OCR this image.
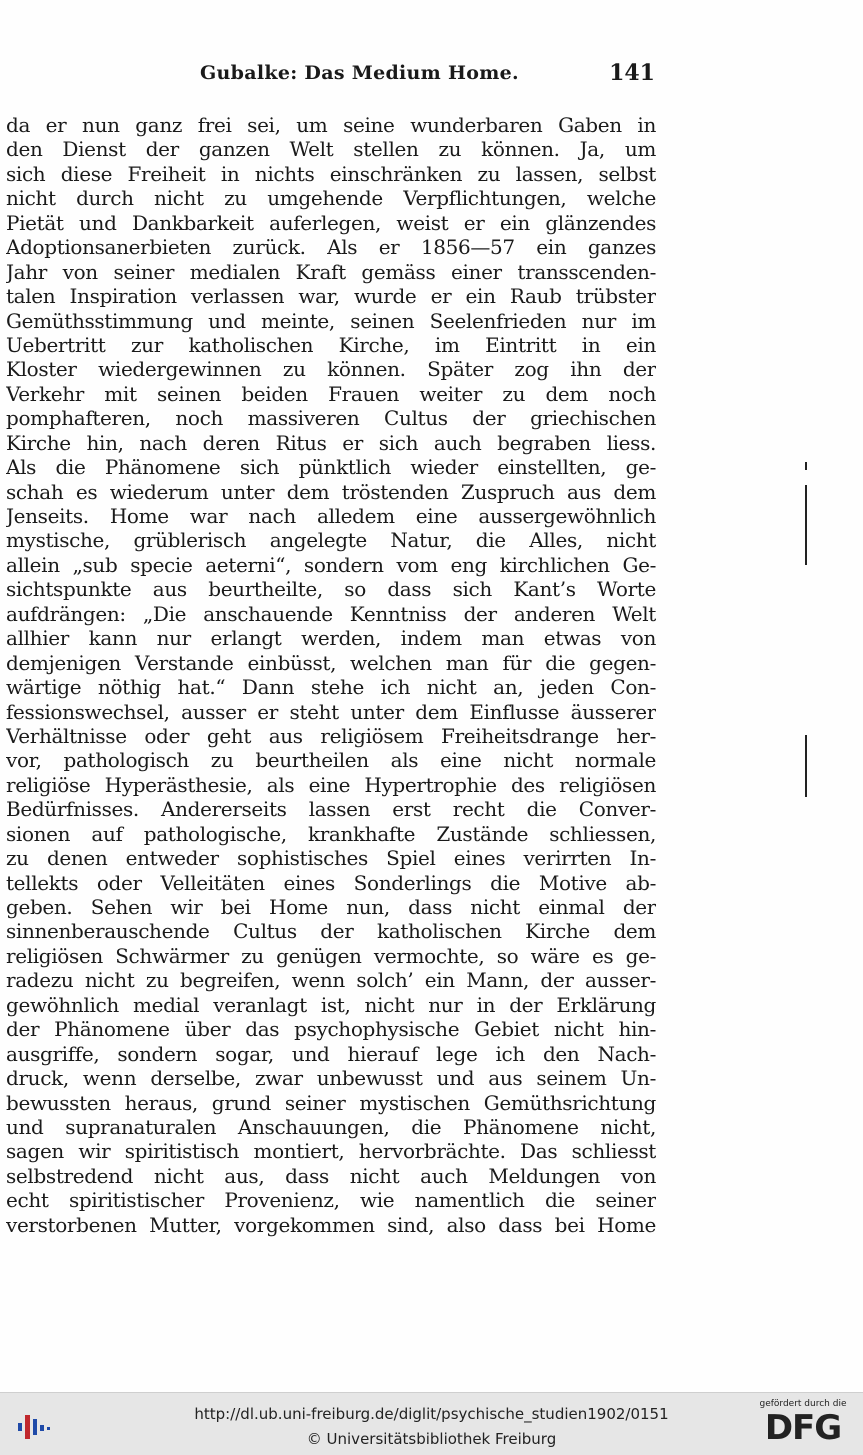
Gubalke: Das Medium Home.	141
da er nun ganz frei sei, um seine wunderbaren Gaben in
den Dienst der ganzen Welt stellen zu können. Ja, um
sich diese Freiheit in nichts einschränken zu lassen, selbst
nicht durch nicht zu umgehende Verpflichtungen, welche
Pietät und Dankbarkeit auferlegen, weist er ein glänzendes
Adoptionsanerbieten zurück. Als er 1856—57 ein ganzes
Jahr von seiner medialen Kraft gemäss einer transscenden-
talen Inspiration verlassen war, wurde er ein Raub trübster
Gemüthsstimmung und meinte, seinen Seelenfrieden nur im
Uebertritt zur katholischen Kirche, im Eintritt in ein
Kloster wiedergewinnen zu können. Später zog ihn der
Verkehr mit seinen beiden Frauen weiter zu dem noch
pomphafteren, noch massiveren Cultus der griechischen
Kirche hin, nach deren Ritus er sich auch begraben liess.
Als die Phänomene sich pünktlich wieder einstellten, ge-
schah es wiederum unter dem tröstenden Zuspruch aus dem
Jenseits. Home war nach alledem eine aussergewöhnlich
mystische, grüblerisch angelegte Natur, die Alles, nicht
allein „sub specie aeterni“, sondern vom eng kirchlichen Ge-
sichtspunkte aus beurtheilte, so dass sich Kant’s Worte
aufdrängen: „Die anschauende Kenntniss der anderen Welt
allhier kann nur erlangt werden, indem man etwas von
demjenigen Verstande einbüsst, welchen man für die gegen-
wärtige nöthig hat.“ Dann stehe ich nicht an, jeden Con-
fessionswechsel, ausser er steht unter dem Einflusse äusserer
Verhältnisse oder geht aus religiösem Freiheitsdrange her-
vor, pathologisch zu beurtheilen als eine nicht normale
religiöse Hyperästhesie, als eine Hypertrophie des religiösen
Bedürfnisses. Andererseits lassen erst recht die Conver-
sionen auf pathologische, krankhafte Zustände schliessen,
zu denen entweder sophistisches Spiel eines verirrten In-
tellekts oder Velleitäten eines Sonderlings die Motive ab-
geben. Sehen wir bei Home nun, dass nicht einmal der
sinnenberauschende Cultus der katholischen Kirche dem
religiösen Schwärmer zu genügen vermochte, so wäre es ge-
radezu nicht zu begreifen, wenn solch’ ein Mann, der ausser-
gewöhnlich medial veranlagt ist, nicht nur in der Erklärung
der Phänomene über das psychophysische Gebiet nicht hin-
ausgriffe, sondern sogar, und hierauf lege ich den Nach-
druck, wenn derselbe, zwar unbewusst und aus seinem Un-
bewussten heraus, grund seiner mystischen Gemüthsrichtung
und supranaturalen Anschauungen, die Phänomene nicht,
sagen wir spiritistisch montiert, hervorbrächte. Das schliesst
selbstredend nicht aus, dass nicht auch Meldungen von
echt spiritistischer Provenienz, wie namentlich die seiner
verstorbenen Mutter, vorgekommen sind, also dass bei Home
http://dl.ub.uni-freiburg.de/diglit/psychische_studien1902/0151
© Universitätsbibliothek Freiburg
gefördert durch die
DFG
